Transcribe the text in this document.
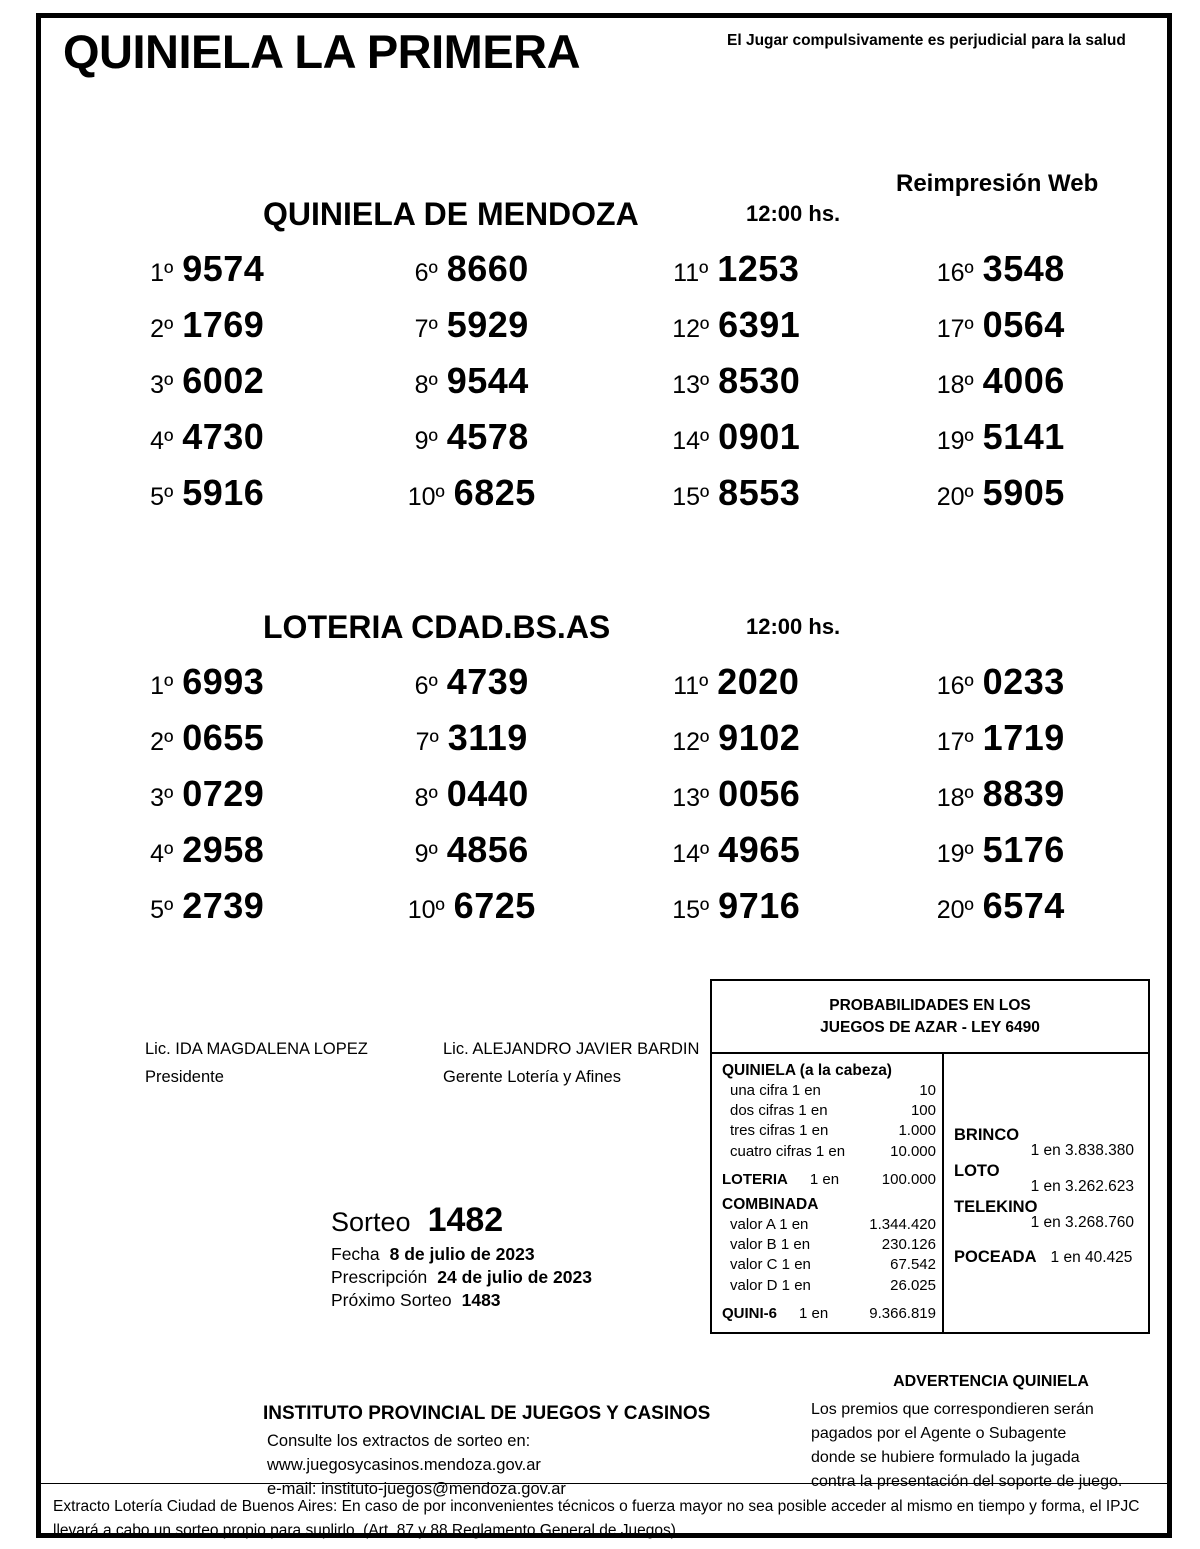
QUINIELA LA PRIMERA	El Jugar compulsivamente es perjudicial para la salud
QUINIELA DE MENDOZA	12:00 hs.
Reimpresión Web
1º 9574	6º 8660	11º 1253	16º 3548
2º 1769	7º 5929	12º 6391	17º 0564
3º 6002	8º 9544	13º 8530	18º 4006
4º 4730	9º 4578	14º 0901	19º 5141
5º 5916	10º 6825	15º 8553	20º 5905
LOTERIA CDAD.BS.AS	12:00 hs.
1º 6993	6º 4739	11º 2020	16º 0233
2º 0655	7º 3119	12º 9102	17º 1719
3º 0729	8º 0440	13º 0056	18º 8839
4º 2958	9º 4856	14º 4965	19º 5176
5º 2739	10º 6725	15º 9716	20º 6574
Lic. IDA MAGDALENA LOPEZ
Presidente
Lic. ALEJANDRO JAVIER BARDIN
Gerente Lotería y Afines
Sorteo 1482
Fecha 8 de julio de 2023
Prescripción 24 de julio de 2023
Próximo Sorteo 1483
PROBABILIDADES EN LOS
JUEGOS DE AZAR - LEY 6490
QUINIELA (a la cabeza)
una cifra 1 en	10
dos cifras 1 en	100
tres cifras 1 en	1.000
cuatro cifras 1 en	10.000
LOTERIA	1 en	100.000
COMBINADA
valor A 1 en	1.344.420
valor B 1 en	230.126
valor C 1 en	67.542
valor D 1 en	26.025
QUINI-6	1 en	9.366.819
BRINCO
1 en 3.838.380
LOTO
1 en 3.262.623
TELEKINO
1 en 3.268.760
POCEADA 1 en 40.425
ADVERTENCIA QUINIELA
Los premios que correspondieren serán
pagados por el Agente o Subagente
donde se hubiere formulado la jugada
contra la presentación del soporte de juego.
INSTITUTO PROVINCIAL DE JUEGOS Y CASINOS
Consulte los extractos de sorteo en:
www.juegosycasinos.mendoza.gov.ar
e-mail: instituto-juegos@mendoza.gov.ar
Extracto Lotería Ciudad de Buenos Aires: En caso de por inconvenientes técnicos o fuerza mayor no sea posible acceder al mismo en tiempo y forma, el IPJC llevará a cabo un sorteo propio para suplirlo. (Art. 87 y 88 Reglamento General de Juegos)
